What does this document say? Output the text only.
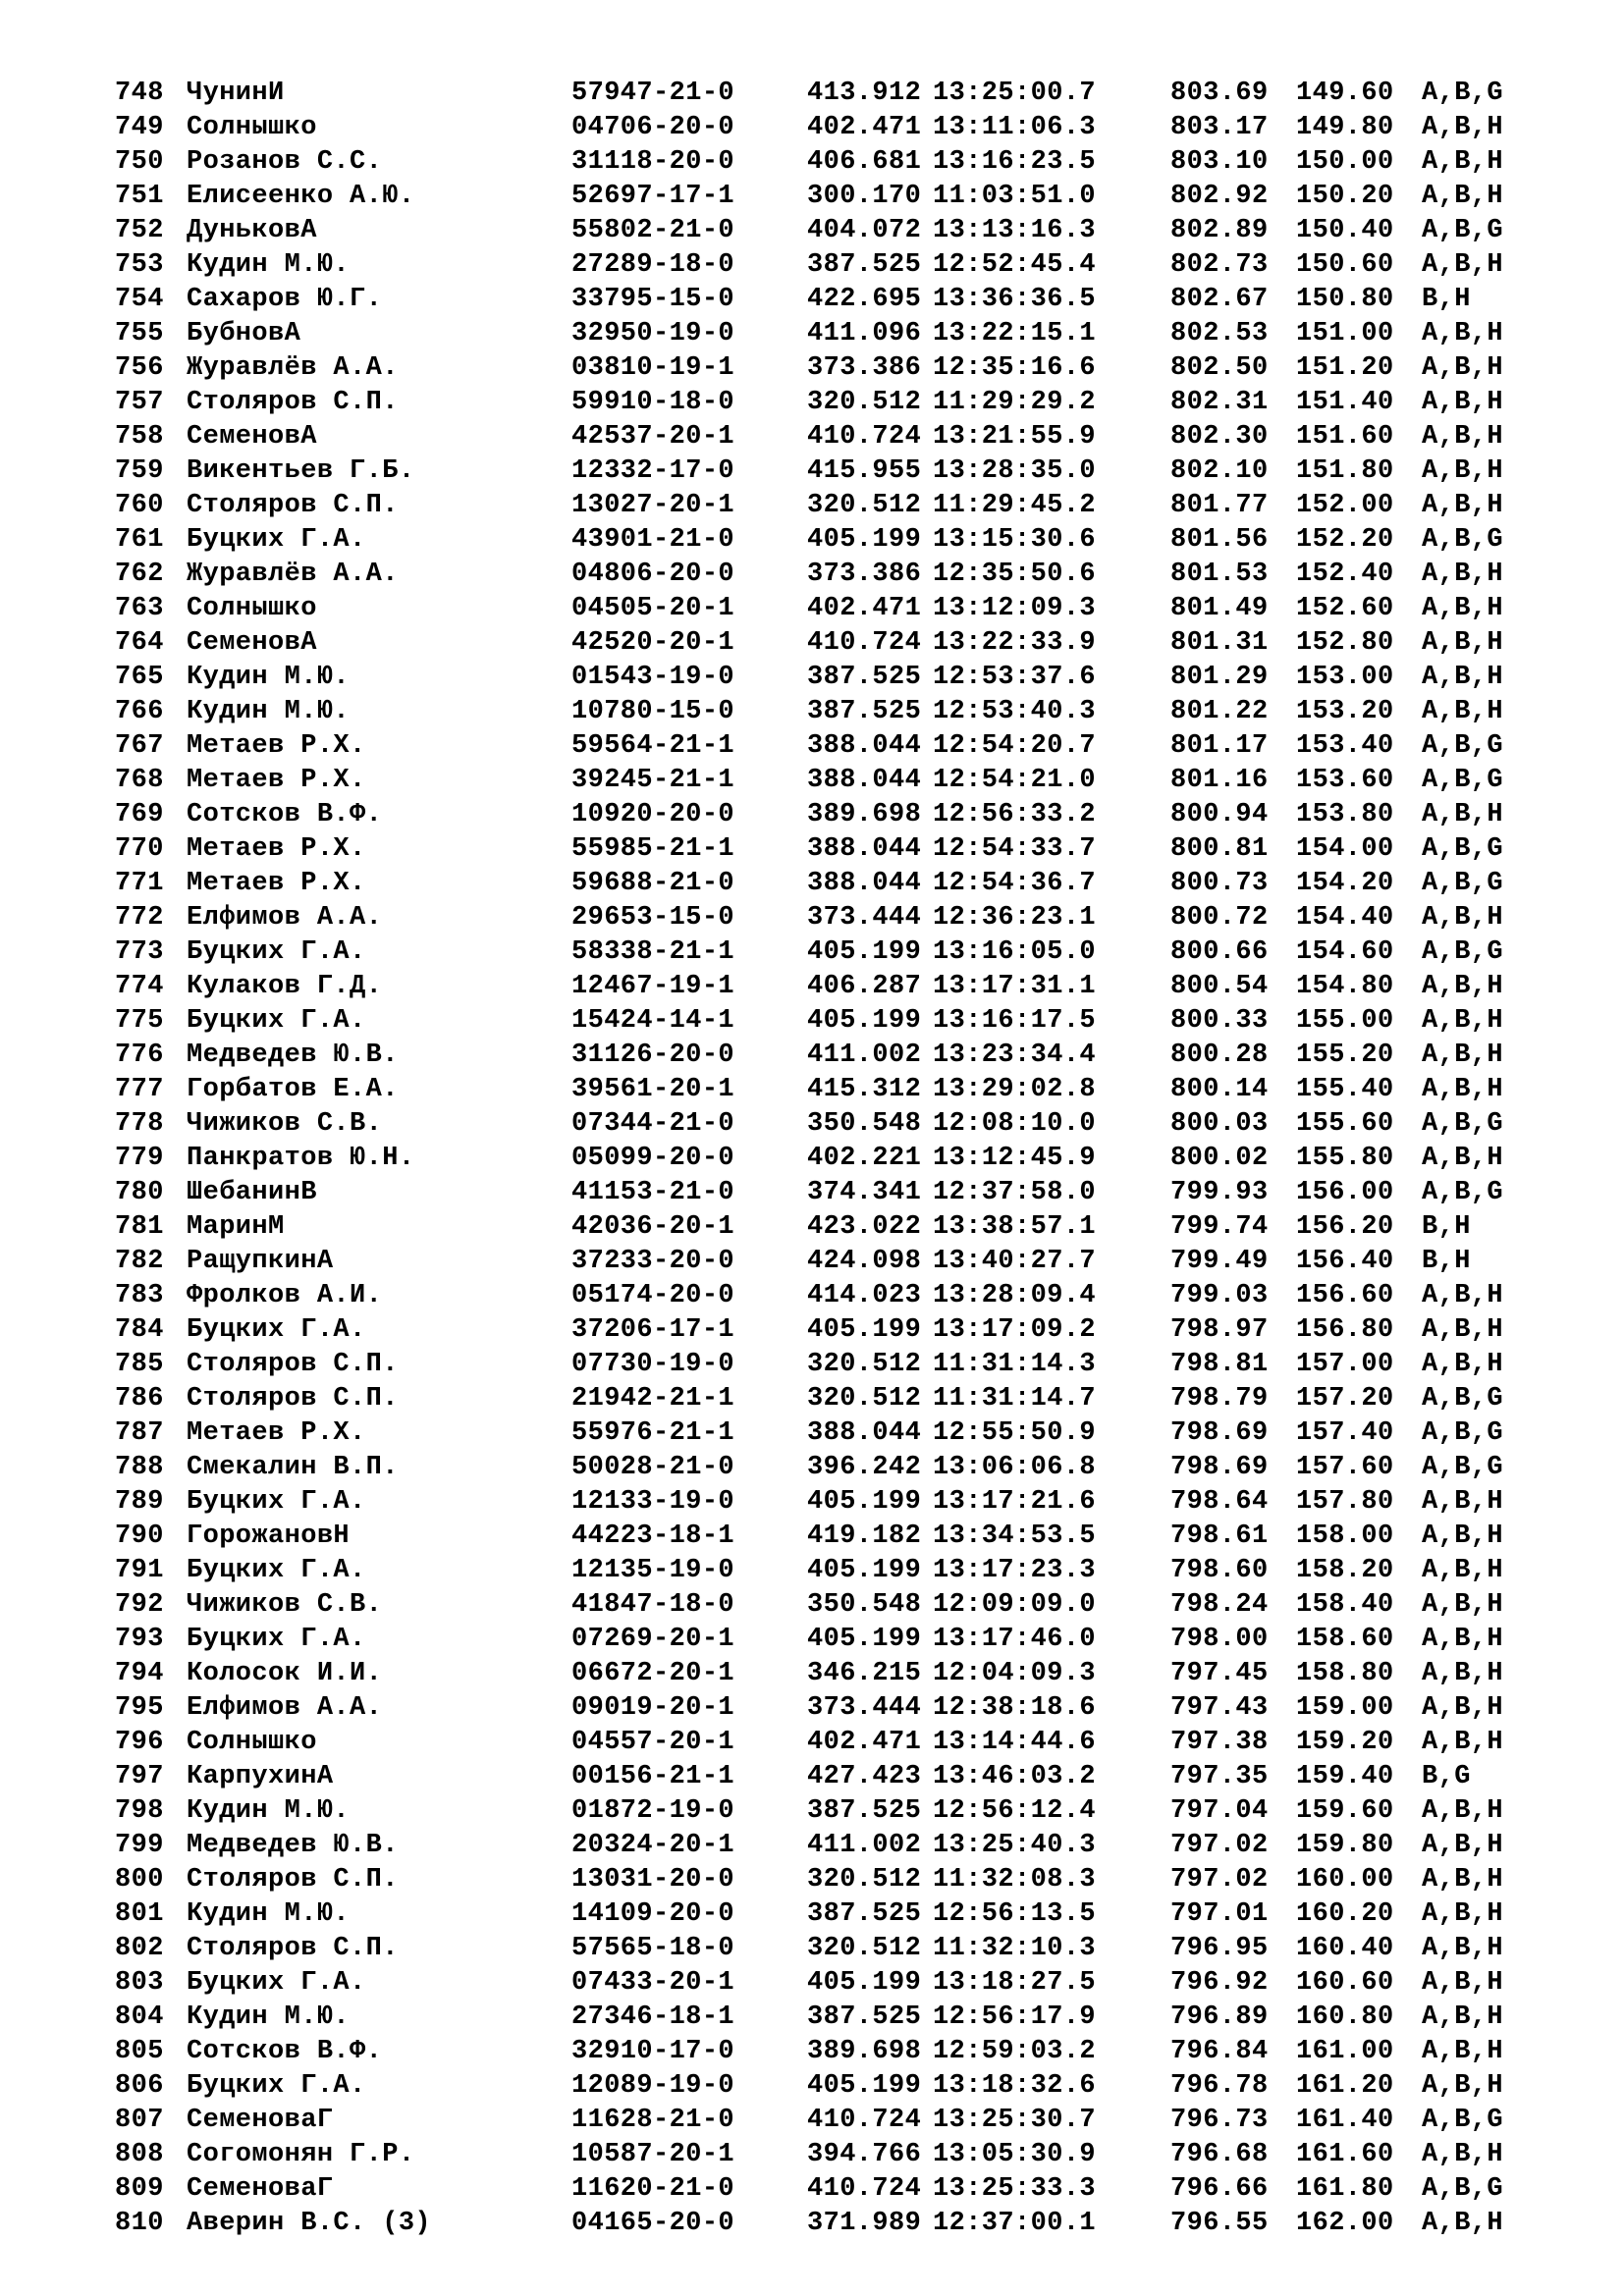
748 ЧунинИ	57947-21-0	413.912 13:25:00.7	803.69 149.60 A,B,G
749 Солнышко	04706-20-0	402.471 13:11:06.3	803.17 149.80 A,B,H
750 Розанов С.С.	31118-20-0	406.681 13:16:23.5	803.10 150.00 A,B,H
751 Елисеенко А.Ю.	52697-17-1	300.170 11:03:51.0	802.92 150.20 A,B,H
752 ДуньковА	55802-21-0	404.072 13:13:16.3	802.89 150.40 A,B,G
753 Кудин М.Ю.	27289-18-0	387.525 12:52:45.4	802.73 150.60 A,B,H
754 Сахаров Ю.Г.	33795-15-0	422.695 13:36:36.5	802.67 150.80 B,H
755 БубновА	32950-19-0	411.096 13:22:15.1	802.53 151.00 A,B,H
756 Журавлёв А.А.	03810-19-1	373.386 12:35:16.6	802.50 151.20 A,B,H
757 Столяров С.П.	59910-18-0	320.512 11:29:29.2	802.31 151.40 A,B,H
758 СеменовА	42537-20-1	410.724 13:21:55.9	802.30 151.60 A,B,H
759 Викентьев Г.Б.	12332-17-0	415.955 13:28:35.0	802.10 151.80 A,B,H
760 Столяров С.П.	13027-20-1	320.512 11:29:45.2	801.77 152.00 A,B,H
761 Буцких Г.А.	43901-21-0	405.199 13:15:30.6	801.56 152.20 A,B,G
762 Журавлёв А.А.	04806-20-0	373.386 12:35:50.6	801.53 152.40 A,B,H
763 Солнышко	04505-20-1	402.471 13:12:09.3	801.49 152.60 A,B,H
764 СеменовА	42520-20-1	410.724 13:22:33.9	801.31 152.80 A,B,H
765 Кудин М.Ю.	01543-19-0	387.525 12:53:37.6	801.29 153.00 A,B,H
766 Кудин М.Ю.	10780-15-0	387.525 12:53:40.3	801.22 153.20 A,B,H
767 Метаев Р.Х.	59564-21-1	388.044 12:54:20.7	801.17 153.40 A,B,G
768 Метаев Р.Х.	39245-21-1	388.044 12:54:21.0	801.16 153.60 A,B,G
769 Сотсков В.Ф.	10920-20-0	389.698 12:56:33.2	800.94 153.80 A,B,H
770 Метаев Р.Х.	55985-21-1	388.044 12:54:33.7	800.81 154.00 A,B,G
771 Метаев Р.Х.	59688-21-0	388.044 12:54:36.7	800.73 154.20 A,B,G
772 Елфимов А.А.	29653-15-0	373.444 12:36:23.1	800.72 154.40 A,B,H
773 Буцких Г.А.	58338-21-1	405.199 13:16:05.0	800.66 154.60 A,B,G
774 Кулаков Г.Д.	12467-19-1	406.287 13:17:31.1	800.54 154.80 A,B,H
775 Буцких Г.А.	15424-14-1	405.199 13:16:17.5	800.33 155.00 A,B,H
776 Медведев Ю.В.	31126-20-0	411.002 13:23:34.4	800.28 155.20 A,B,H
777 Горбатов Е.А.	39561-20-1	415.312 13:29:02.8	800.14 155.40 A,B,H
778 Чижиков С.В.	07344-21-0	350.548 12:08:10.0	800.03 155.60 A,B,G
779 Панкратов Ю.Н.	05099-20-0	402.221 13:12:45.9	800.02 155.80 A,B,H
780 ШебанинВ	41153-21-0	374.341 12:37:58.0	799.93 156.00 A,B,G
781 МаринМ	42036-20-1	423.022 13:38:57.1	799.74 156.20 B,H
782 РащупкинА	37233-20-0	424.098 13:40:27.7	799.49 156.40 B,H
783 Фролков А.И.	05174-20-0	414.023 13:28:09.4	799.03 156.60 A,B,H
784 Буцких Г.А.	37206-17-1	405.199 13:17:09.2	798.97 156.80 A,B,H
785 Столяров С.П.	07730-19-0	320.512 11:31:14.3	798.81 157.00 A,B,H
786 Столяров С.П.	21942-21-1	320.512 11:31:14.7	798.79 157.20 A,B,G
787 Метаев Р.Х.	55976-21-1	388.044 12:55:50.9	798.69 157.40 A,B,G
788 Смекалин В.П.	50028-21-0	396.242 13:06:06.8	798.69 157.60 A,B,G
789 Буцких Г.А.	12133-19-0	405.199 13:17:21.6	798.64 157.80 A,B,H
790 ГорожановН	44223-18-1	419.182 13:34:53.5	798.61 158.00 A,B,H
791 Буцких Г.А.	12135-19-0	405.199 13:17:23.3	798.60 158.20 A,B,H
792 Чижиков С.В.	41847-18-0	350.548 12:09:09.0	798.24 158.40 A,B,H
793 Буцких Г.А.	07269-20-1	405.199 13:17:46.0	798.00 158.60 A,B,H
794 Колосок И.И.	06672-20-1	346.215 12:04:09.3	797.45 158.80 A,B,H
795 Елфимов А.А.	09019-20-1	373.444 12:38:18.6	797.43 159.00 A,B,H
796 Солнышко	04557-20-1	402.471 13:14:44.6	797.38 159.20 A,B,H
797 КарпухинА	00156-21-1	427.423 13:46:03.2	797.35 159.40 B,G
798 Кудин М.Ю.	01872-19-0	387.525 12:56:12.4	797.04 159.60 A,B,H
799 Медведев Ю.В.	20324-20-1	411.002 13:25:40.3	797.02 159.80 A,B,H
800 Столяров С.П.	13031-20-0	320.512 11:32:08.3	797.02 160.00 A,B,H
801 Кудин М.Ю.	14109-20-0	387.525 12:56:13.5	797.01 160.20 A,B,H
802 Столяров С.П.	57565-18-0	320.512 11:32:10.3	796.95 160.40 A,B,H
803 Буцких Г.А.	07433-20-1	405.199 13:18:27.5	796.92 160.60 A,B,H
804 Кудин М.Ю.	27346-18-1	387.525 12:56:17.9	796.89 160.80 A,B,H
805 Сотсков В.Ф.	32910-17-0	389.698 12:59:03.2	796.84 161.00 A,B,H
806 Буцких Г.А.	12089-19-0	405.199 13:18:32.6	796.78 161.20 A,B,H
807 СеменоваГ	11628-21-0	410.724 13:25:30.7	796.73 161.40 A,B,G
808 Согомонян Г.Р.	10587-20-1	394.766 13:05:30.9	796.68 161.60 A,B,H
809 СеменоваГ	11620-21-0	410.724 13:25:33.3	796.66 161.80 A,B,G
810 Аверин В.С. (3)	04165-20-0	371.989 12:37:00.1	796.55 162.00 A,B,H
